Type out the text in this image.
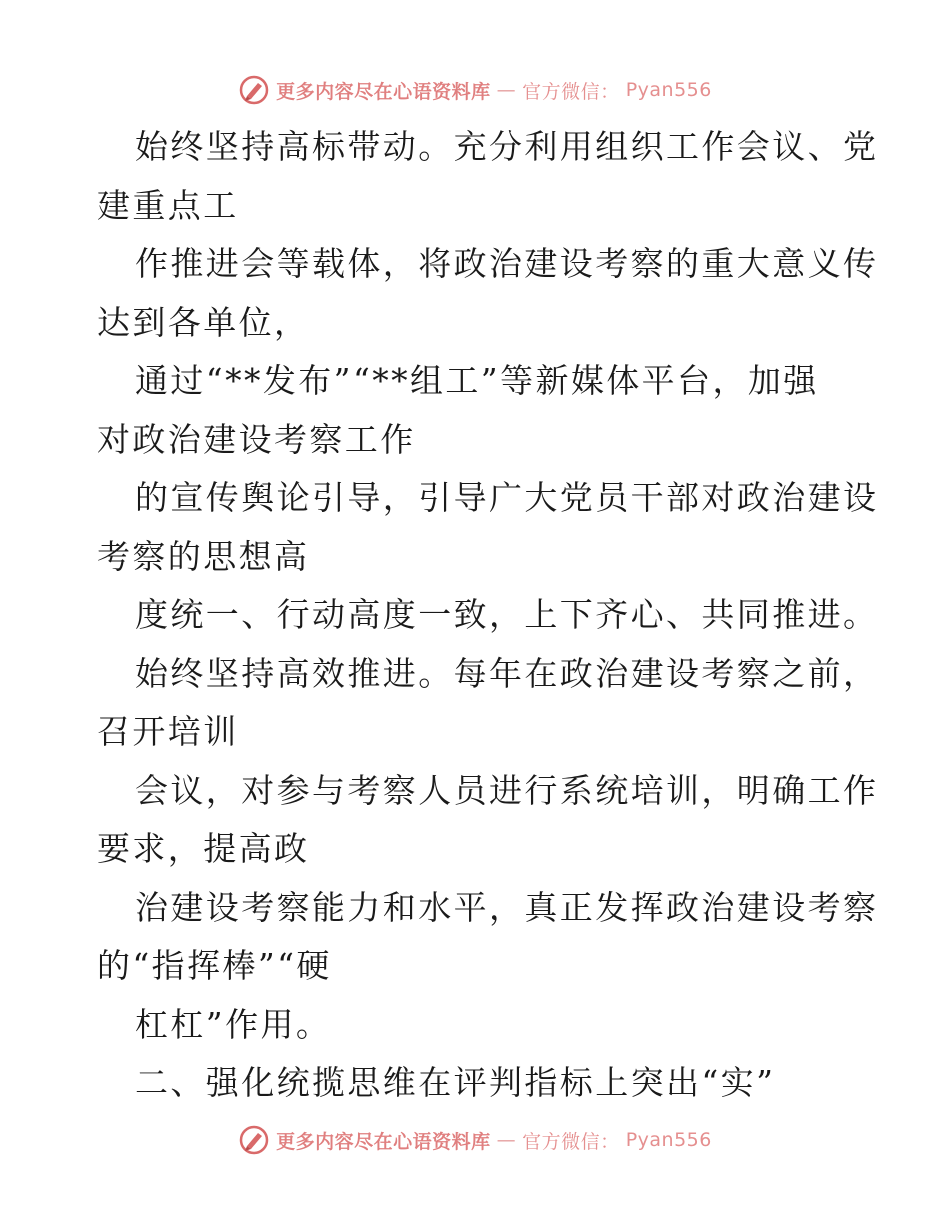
更多内容尽在心语资料库 — 官方微信： Pyan556
始终坚持高标带动。充分利用组织工作会议、党
建重点工
作推进会等载体，将政治建设考察的重大意义传
达到各单位，
通过“**发布”“**组工”等新媒体平台，加强
对政治建设考察工作
的宣传舆论引导，引导广大党员干部对政治建设
考察的思想高
度统一、行动高度一致，上下齐心、共同推进。
始终坚持高效推进。每年在政治建设考察之前，
召开培训
会议，对参与考察人员进行系统培训，明确工作
要求，提高政
治建设考察能力和水平，真正发挥政治建设考察
的“指挥棒”“硬
杠杠”作用。
二、强化统揽思维在评判指标上突出“实”
更多内容尽在心语资料库 — 官方微信： Pyan556
